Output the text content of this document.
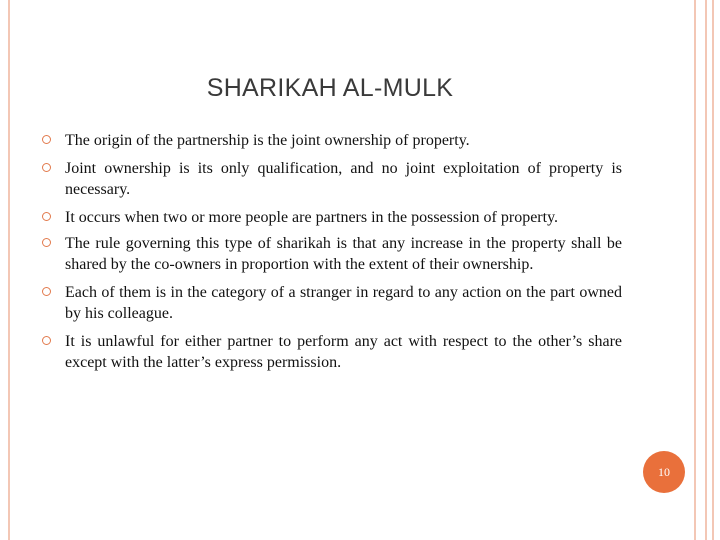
SHARIKAH AL-MULK
The origin of the partnership is the joint ownership of property.
Joint ownership is its only qualification, and no joint exploitation of property is necessary.
It occurs when two or more people are partners in the possession of property.
The rule governing this type of sharikah is that any increase in the property shall be shared by the co-owners in proportion with the extent of their ownership.
Each of them is in the category of a stranger in regard to any action on the part owned by his colleague.
It is unlawful for either partner to perform any act with respect to the other’s share except with the latter’s express permission.
10
